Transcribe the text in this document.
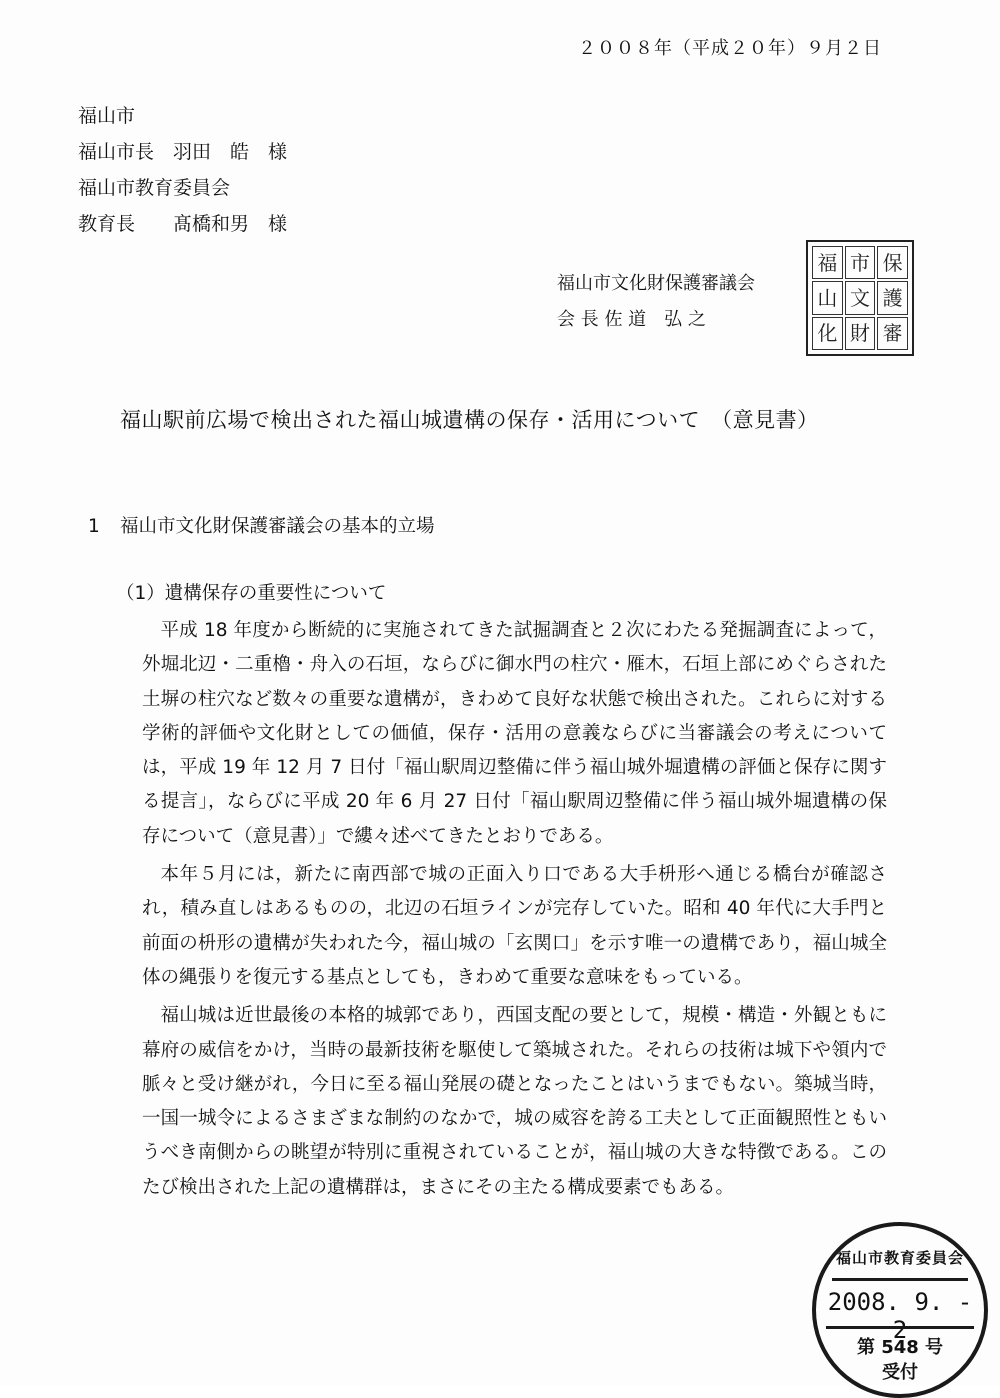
２００８年（平成２０年）９月２日
福山市
福山市長　羽田　皓　様
福山市教育委員会
教育長　　髙橋和男　様
福山市文化財保護審議会
会 長 佐 道　弘 之
福 市 保
山 文 護
化 財 審
福山駅前広場で検出された福山城遺構の保存・活用について　（意見書）
1 福山市文化財保護審議会の基本的立場
（1）遺構保存の重要性について

平成 18 年度から断続的に実施されてきた試掘調査と２次にわたる発掘調査によって，外堀北辺・二重櫓・舟入の石垣，ならびに御水門の柱穴・雁木，石垣上部にめぐらされた土塀の柱穴など数々の重要な遺構が，きわめて良好な状態で検出された。これらに対する学術的評価や文化財としての価値，保存・活用の意義ならびに当審議会の考えについては，平成 19 年 12 月 7 日付「福山駅周辺整備に伴う福山城外堀遺構の評価と保存に関する提言」，ならびに平成 20 年 6 月 27 日付「福山駅周辺整備に伴う福山城外堀遺構の保存について（意見書）」で縷々述べてきたとおりである。

本年５月には，新たに南西部で城の正面入り口である大手枡形へ通じる橋台が確認され，積み直しはあるものの，北辺の石垣ラインが完存していた。昭和 40 年代に大手門と前面の枡形の遺構が失われた今，福山城の「玄関口」を示す唯一の遺構であり，福山城全体の縄張りを復元する基点としても，きわめて重要な意味をもっている。

福山城は近世最後の本格的城郭であり，西国支配の要として，規模・構造・外観ともに幕府の威信をかけ，当時の最新技術を駆使して築城された。それらの技術は城下や領内で脈々と受け継がれ，今日に至る福山発展の礎となったことはいうまでもない。築城当時，一国一城令によるさまざまな制約のなかで，城の威容を誇る工夫として正面観照性ともいうべき南側からの眺望が特別に重視されていることが，福山城の大きな特徴である。このたび検出された上記の遺構群は，まさにその主たる構成要素でもある。

福山市教育委員会
2008. 9. - 2
第 548 号
受付
